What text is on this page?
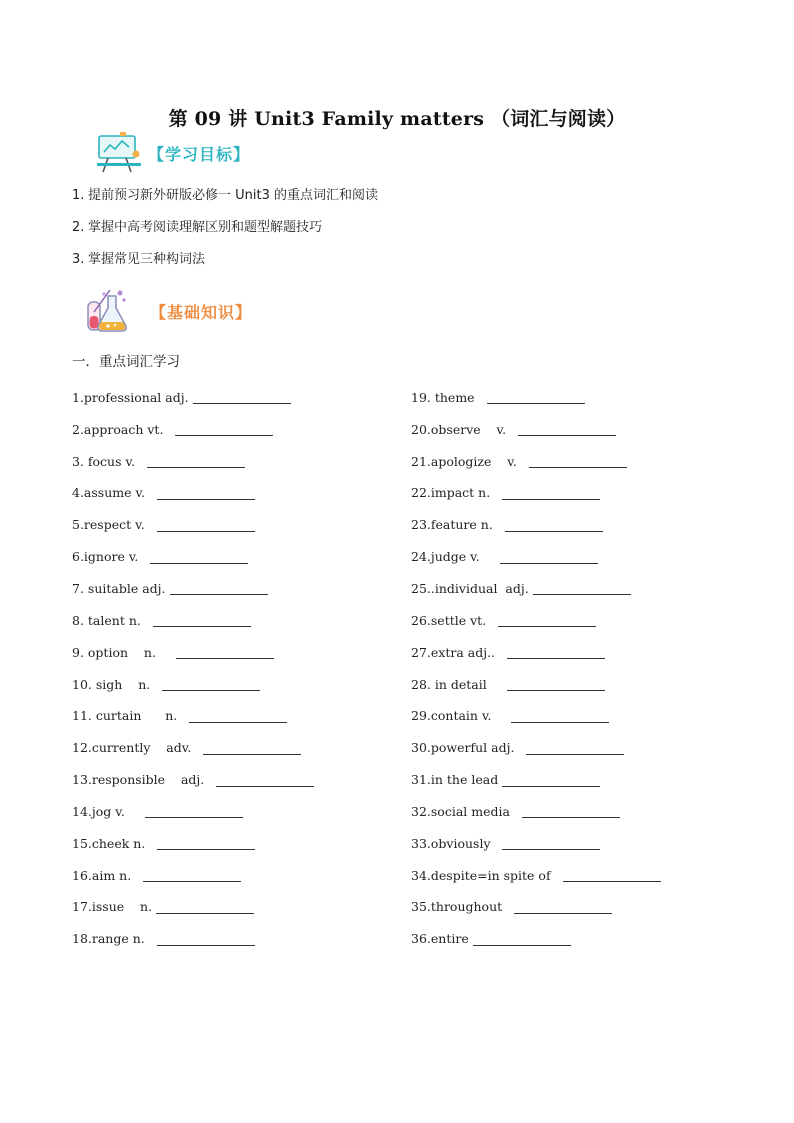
第 09 讲 Unit3 Family matters （词汇与阅读）
【学习目标】
1. 提前预习新外研版必修一 Unit3 的重点词汇和阅读
2. 掌握中高考阅读理解区别和题型解题技巧
3. 掌握常见三种构词法
【基础知识】
一．重点词汇学习
1.professional adj.
2.approach vt.
3. focus v.
4.assume v.
5.respect v.
6.ignore v.
7. suitable adj.
8. talent n.
9. option    n.
10. sigh    n.
11. curtain      n.
12.currently    adv.
13.responsible    adj.
14.jog v.
15.cheek n.
16.aim n.
17.issue    n.
18.range n.
19. theme
20.observe    v.
21.apologize    v.
22.impact n.
23.feature n.
24.judge v.
25..individual  adj.
26.settle vt.
27.extra adj..
28. in detail
29.contain v.
30.powerful adj.
31.in the lead
32.social media
33.obviously
34.despite=in spite of
35.throughout
36.entire
